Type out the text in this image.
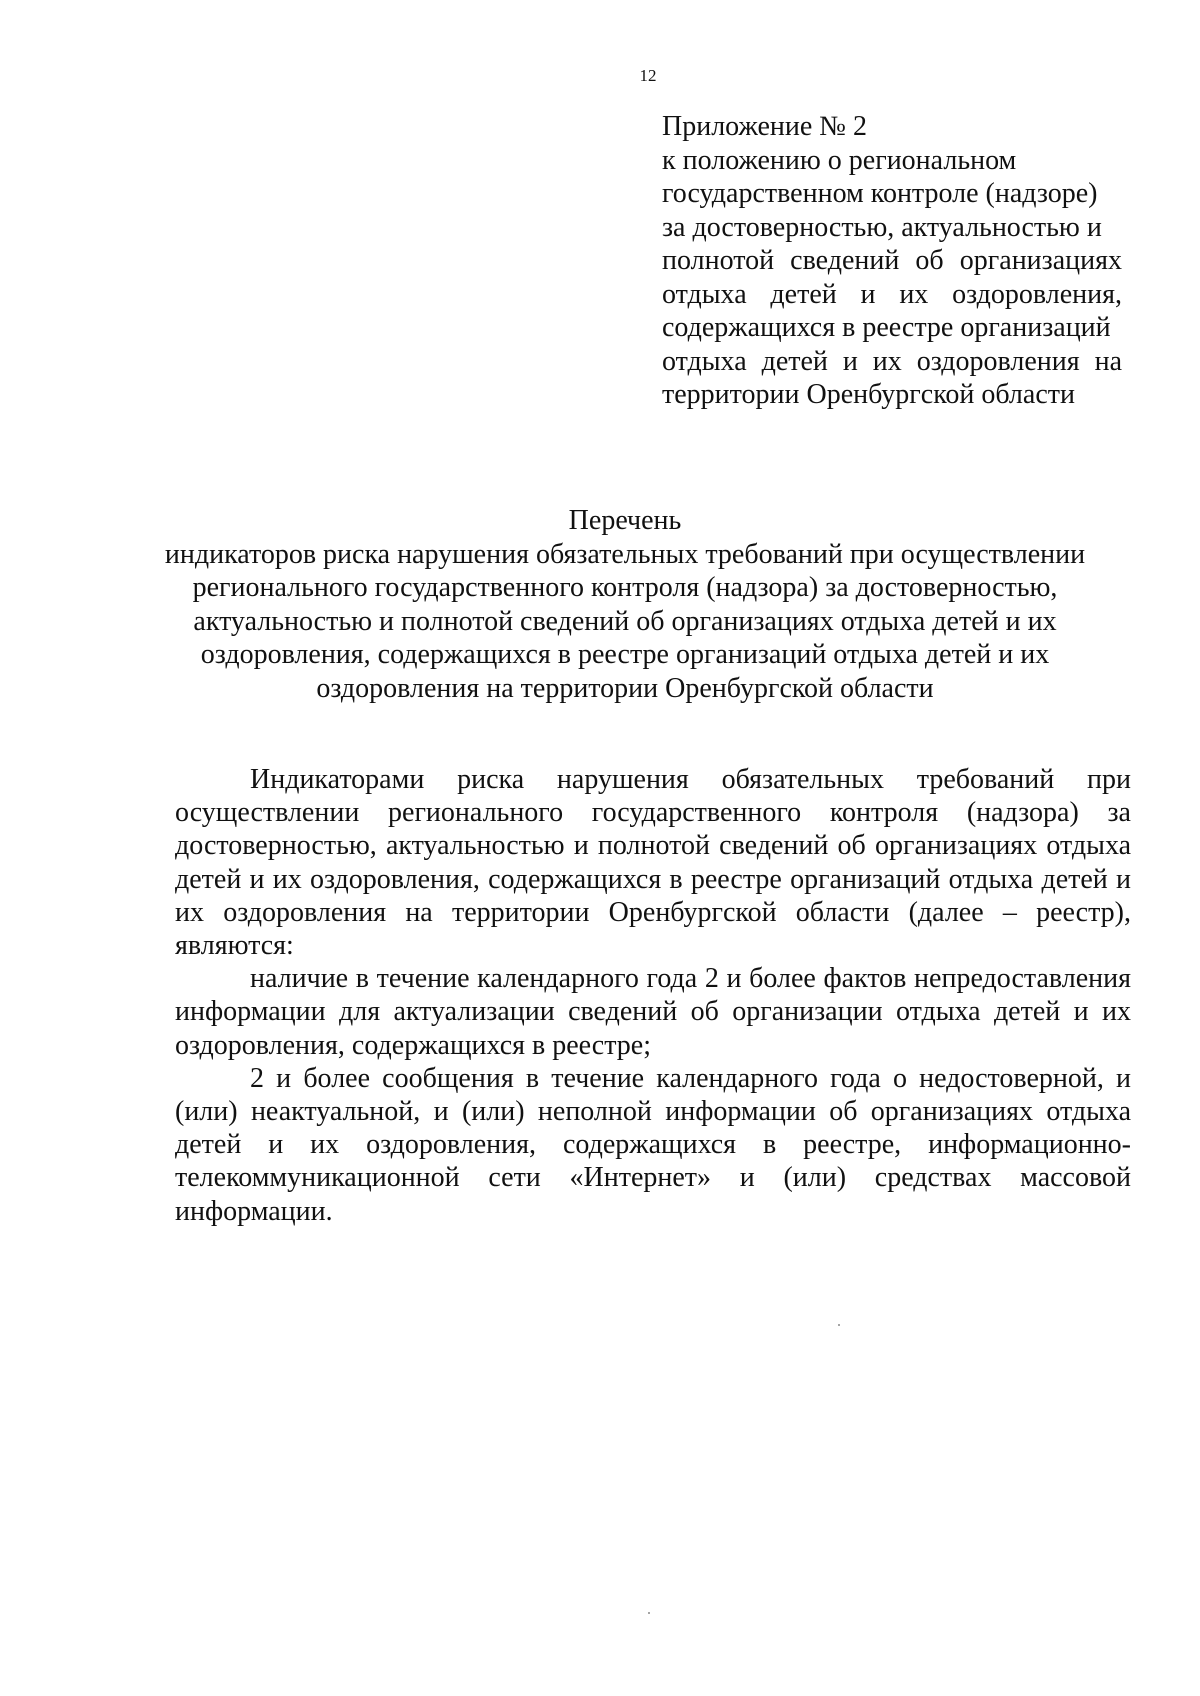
12
Приложение № 2
к положению о региональном
государственном контроле (надзоре)
за достоверностью, актуальностью и
полнотой сведений об организациях
отдыха детей и их оздоровления,
содержащихся в реестре организаций
отдыха детей и их оздоровления на
территории Оренбургской области
Перечень
индикаторов риска нарушения обязательных требований при осуществлении
регионального государственного контроля (надзора) за достоверностью,
актуальностью и полнотой сведений об организациях отдыха детей и их
оздоровления, содержащихся в реестре организаций отдыха детей и их
оздоровления на территории Оренбургской области

Индикаторами риска нарушения обязательных требований при осуществлении регионального государственного контроля (надзора) за достоверностью, актуальностью и полнотой сведений об организациях отдыха детей и их оздоровления, содержащихся в реестре организаций отдыха детей и их оздоровления на территории Оренбургской области (далее – реестр), являются:

наличие в течение календарного года 2 и более фактов непредоставления информации для актуализации сведений об организации отдыха детей и их оздоровления, содержащихся в реестре;

2 и более сообщения в течение календарного года о недостоверной, и (или) неактуальной, и (или) неполной информации об организациях отдыха детей и их оздоровления, содержащихся в реестре, информационно-телекоммуникационной сети «Интернет» и (или) средствах массовой информации.
